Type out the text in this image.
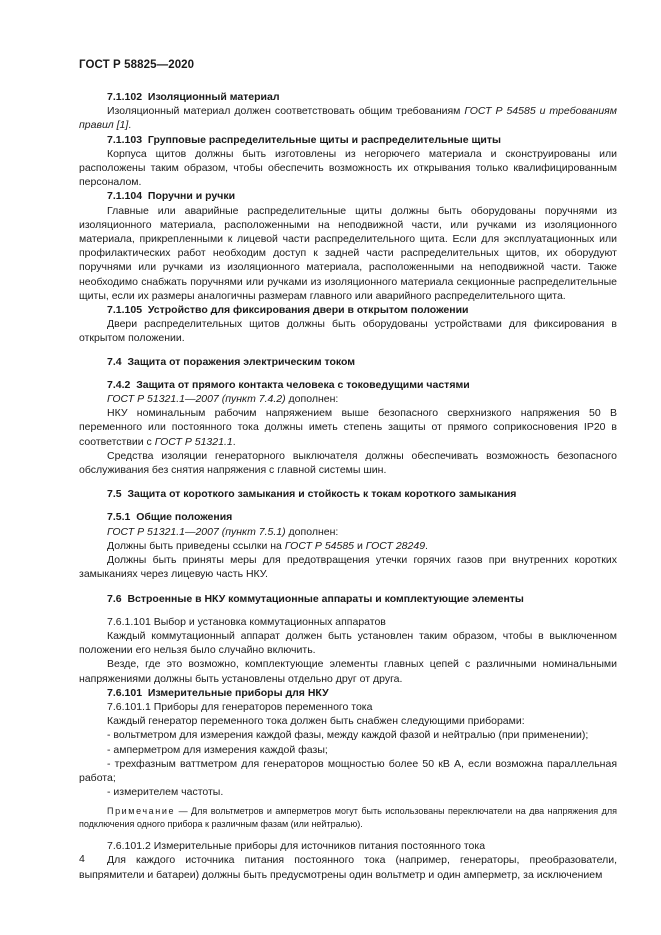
ГОСТ Р 58825—2020

7.1.102 Изоляционный материал

Изоляционный материал должен соответствовать общим требованиям ГОСТ Р 54585 и требованиям правил [1].

7.1.103 Групповые распределительные щиты и распределительные щиты

Корпуса щитов должны быть изготовлены из негорючего материала и сконструированы или расположены таким образом, чтобы обеспечить возможность их открывания только квалифицированным персоналом.

7.1.104 Поручни и ручки

Главные или аварийные распределительные щиты должны быть оборудованы поручнями из изоляционного материала, расположенными на неподвижной части, или ручками из изоляционного материала, прикрепленными к лицевой части распределительного щита. Если для эксплуатационных или профилактических работ необходим доступ к задней части распределительных щитов, их оборудуют поручнями или ручками из изоляционного материала, расположенными на неподвижной части. Также необходимо снабжать поручнями или ручками из изоляционного материала секционные распределительные щиты, если их размеры аналогичны размерам главного или аварийного распределительного щита.

7.1.105 Устройство для фиксирования двери в открытом положении

Двери распределительных щитов должны быть оборудованы устройствами для фиксирования в открытом положении.

7.4 Защита от поражения электрическим током

7.4.2 Защита от прямого контакта человека с токоведущими частями

ГОСТ Р 51321.1—2007 (пункт 7.4.2) дополнен:

НКУ номинальным рабочим напряжением выше безопасного сверхнизкого напряжения 50 В переменного или постоянного тока должны иметь степень защиты от прямого соприкосновения IP20 в соответствии с ГОСТ Р 51321.1.

Средства изоляции генераторного выключателя должны обеспечивать возможность безопасного обслуживания без снятия напряжения с главной системы шин.

7.5 Защита от короткого замыкания и стойкость к токам короткого замыкания

7.5.1 Общие положения

ГОСТ Р 51321.1—2007 (пункт 7.5.1) дополнен:

Должны быть приведены ссылки на ГОСТ Р 54585 и ГОСТ 28249.

Должны быть приняты меры для предотвращения утечки горячих газов при внутренних коротких замыканиях через лицевую часть НКУ.

7.6 Встроенные в НКУ коммутационные аппараты и комплектующие элементы

7.6.1.101 Выбор и установка коммутационных аппаратов

Каждый коммутационный аппарат должен быть установлен таким образом, чтобы в выключенном положении его нельзя было случайно включить.

Везде, где это возможно, комплектующие элементы главных цепей с различными номинальными напряжениями должны быть установлены отдельно друг от друга.

7.6.101 Измерительные приборы для НКУ

7.6.101.1 Приборы для генераторов переменного тока

Каждый генератор переменного тока должен быть снабжен следующими приборами:

- вольтметром для измерения каждой фазы, между каждой фазой и нейтралью (при применении);

- амперметром для измерения каждой фазы;

- трехфазным ваттметром для генераторов мощностью более 50 кВ А, если возможна параллельная работа;

- измерителем частоты.

Примечание — Для вольтметров и амперметров могут быть использованы переключатели на два напряжения для подключения одного прибора к различным фазам (или нейтралью).

7.6.101.2 Измерительные приборы для источников питания постоянного тока

Для каждого источника питания постоянного тока (например, генераторы, преобразователи, выпрямители и батареи) должны быть предусмотрены один вольтметр и один амперметр, за исключением

4
